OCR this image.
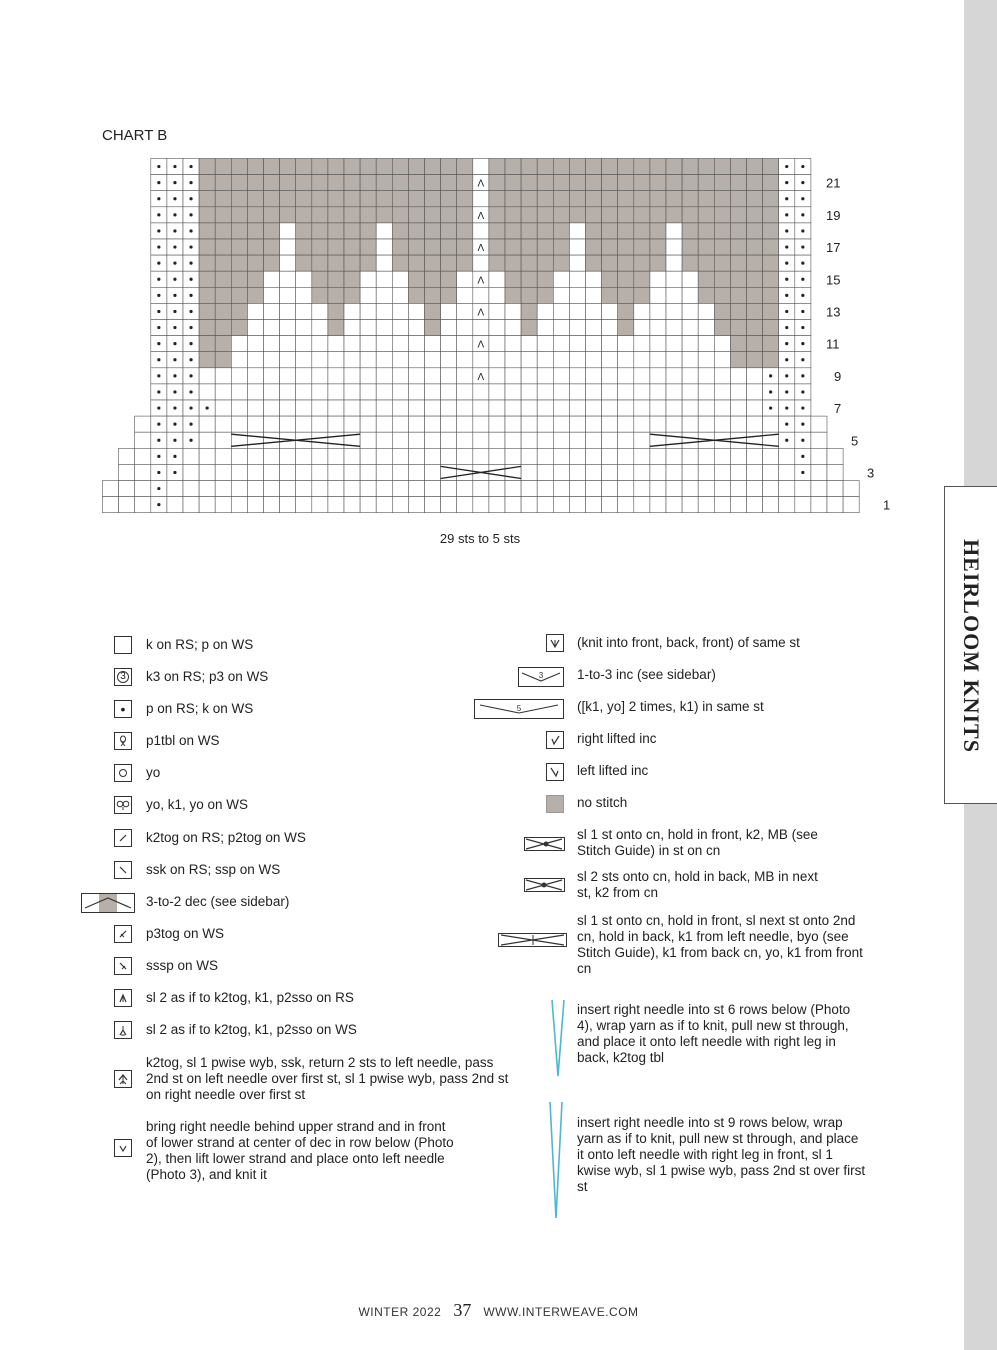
HEIRLOOM KNITS
CHART B
Λ
Λ
Λ
Λ
Λ
Λ
Λ
21
19
17
15
13
11
9
7
5
3
1
29 sts to 5 sts
k on RS; p on WS
3 k3 on RS; p3 on WS
• p on RS; k on WS
p1tbl on WS
yo
yo, k1, yo on WS
k2tog on RS; p2tog on WS
ssk on RS; ssp on WS
3-to-2 dec (see sidebar)
p3tog on WS
sssp on WS
sl 2 as if to k2tog, k1, p2sso on RS
sl 2 as if to k2tog, k1, p2sso on WS
k2tog, sl 1 pwise wyb, ssk, return 2 sts to left needle, pass 2nd st on left needle over first st, sl 1 pwise wyb, pass 2nd st on right needle over first st
bring right needle behind upper strand and in front of lower strand at center of dec in row below (Photo 2), then lift lower strand and place onto left needle (Photo 3), and knit it
(knit into front, back, front) of same st
3	1-to-3 inc (see sidebar)
5	([k1, yo] 2 times, k1) in same st
right lifted inc
left lifted inc
no stitch
sl 1 st onto cn, hold in front, k2, MB (see Stitch Guide) in st on cn
sl 2 sts onto cn, hold in back, MB in next st, k2 from cn
sl 1 st onto cn, hold in front, sl next st onto 2nd cn, hold in back, k1 from left needle, byo (see Stitch Guide), k1 from back cn, yo, k1 from front cn
insert right needle into st 6 rows below (Photo 4), wrap yarn as if to knit, pull new st through, and place it onto left needle with right leg in back, k2tog tbl
insert right needle into st 9 rows below, wrap yarn as if to knit, pull new st through, and place it onto left needle with right leg in front, sl 1 kwise wyb, sl 1 pwise wyb, pass 2nd st over first st
WINTER 2022 37 WWW.INTERWEAVE.COM
